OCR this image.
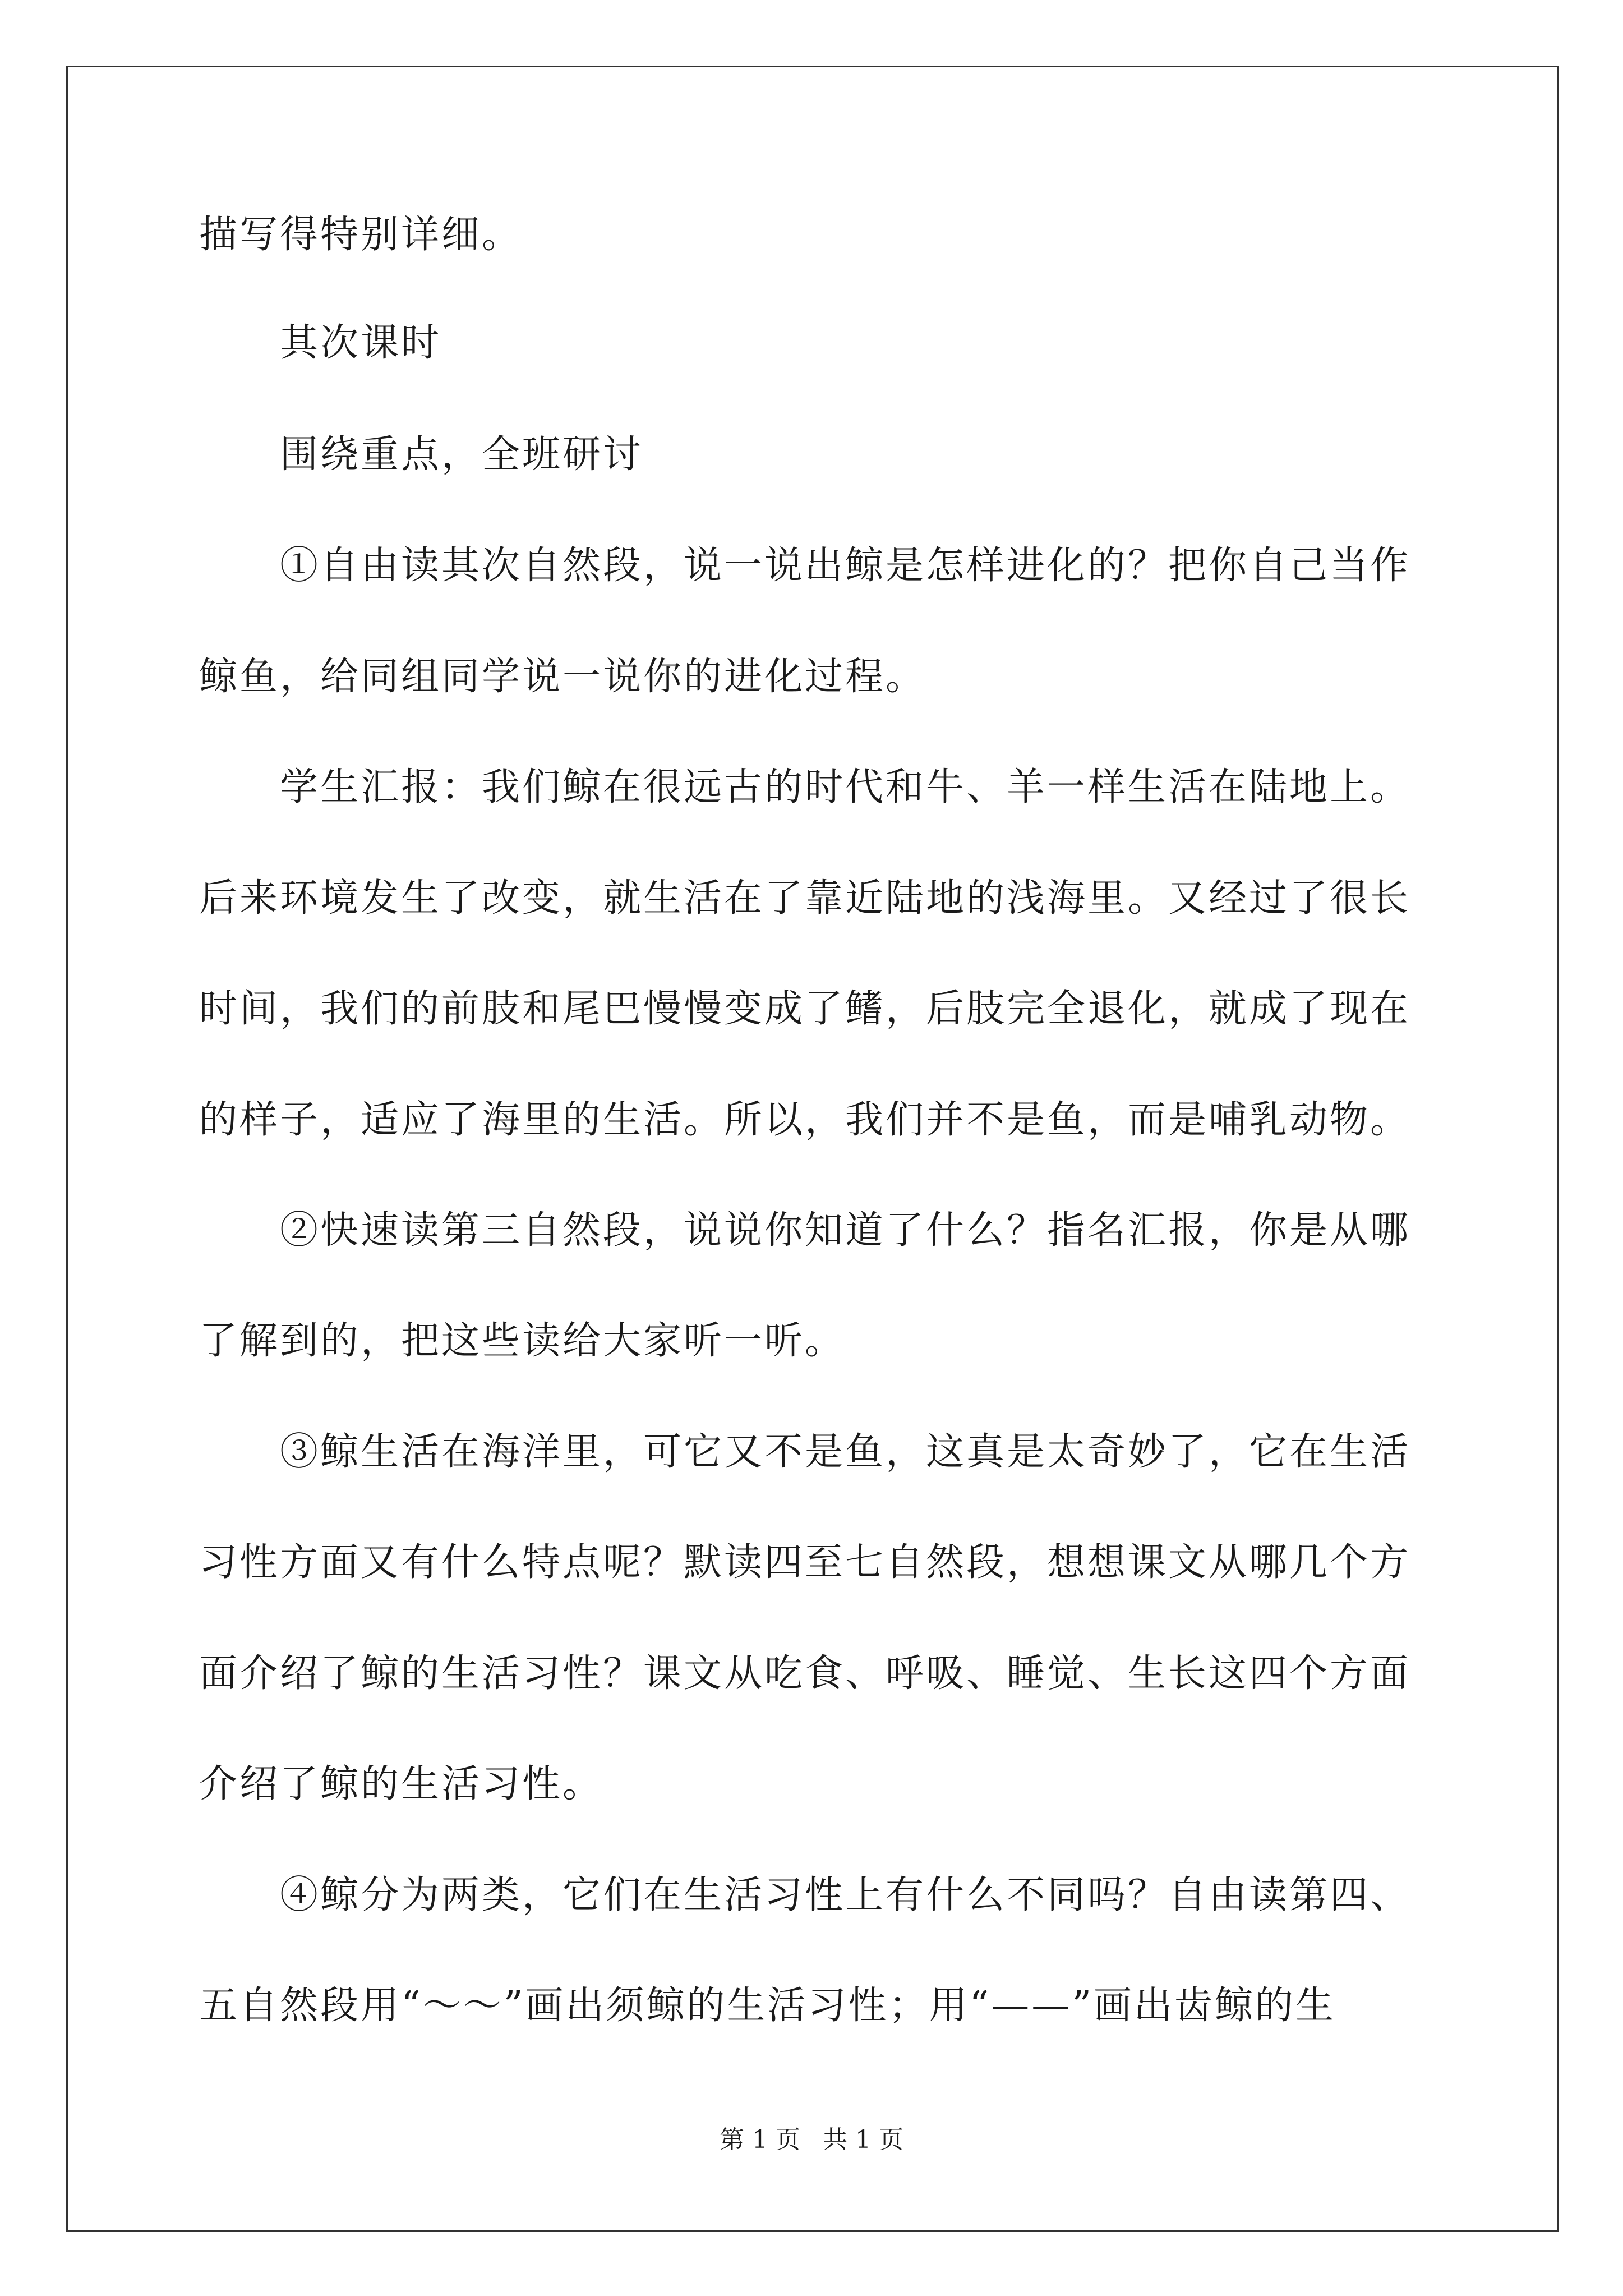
描写得特别详细。
　　其次课时
　　围绕重点，全班研讨
　　①自由读其次自然段，说一说出鲸是怎样进化的？把你自己当作
鲸鱼，给同组同学说一说你的进化过程。
　　学生汇报：我们鲸在很远古的时代和牛、羊一样生活在陆地上。
后来环境发生了改变，就生活在了靠近陆地的浅海里。又经过了很长
时间，我们的前肢和尾巴慢慢变成了鳍，后肢完全退化，就成了现在
的样子，适应了海里的生活。所以，我们并不是鱼，而是哺乳动物。
　　②快速读第三自然段，说说你知道了什么？指名汇报，你是从哪
了解到的，把这些读给大家听一听。
　　③鲸生活在海洋里，可它又不是鱼，这真是太奇妙了，它在生活
习性方面又有什么特点呢？默读四至七自然段，想想课文从哪几个方
面介绍了鲸的生活习性？课文从吃食、呼吸、睡觉、生长这四个方面
介绍了鲸的生活习性。
　　④鲸分为两类，它们在生活习性上有什么不同吗？自由读第四、
五自然段用“～～”画出须鲸的生活习性；用“——”画出齿鲸的生
第 1 页 共 1 页
